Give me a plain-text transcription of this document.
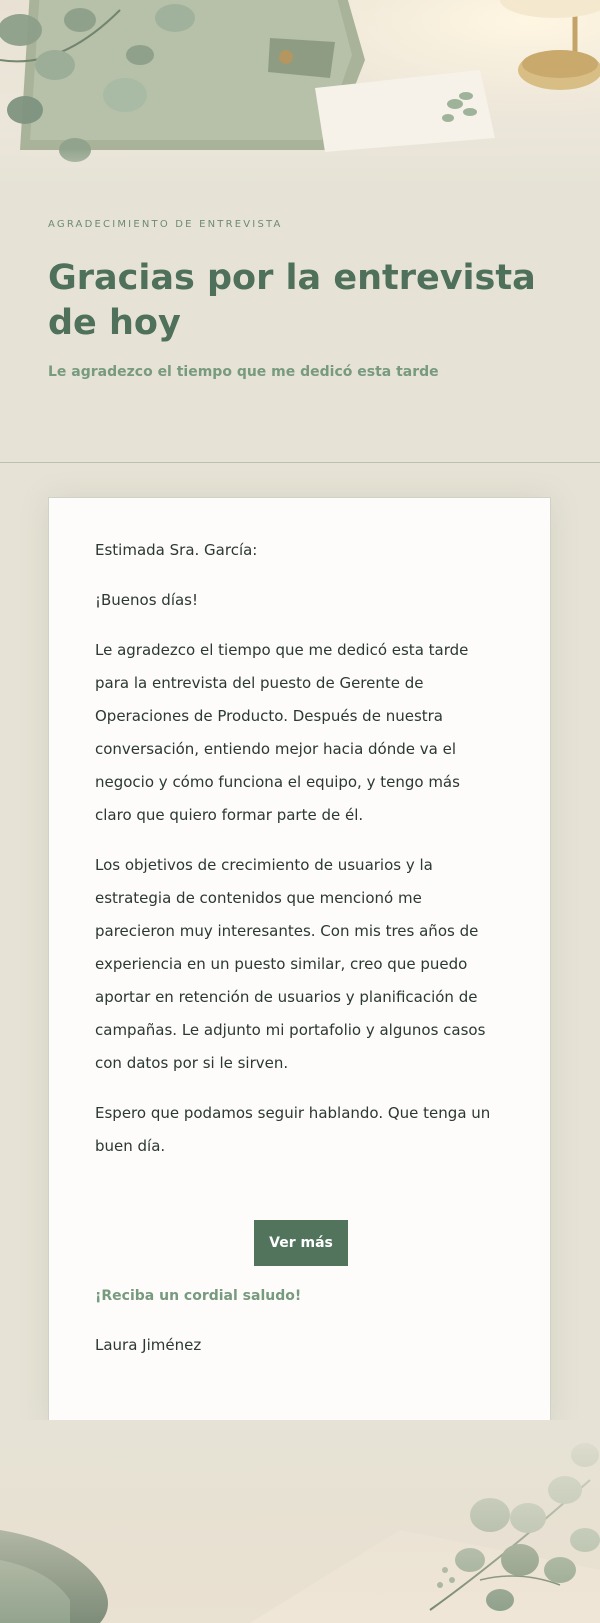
AGRADECIMIENTO DE ENTREVISTA
Gracias por la entrevista de hoy
Le agradezco el tiempo que me dedicó esta tarde

Estimada Sra. García:

¡Buenos días!

Le agradezco el tiempo que me dedicó esta tarde para la entrevista del puesto de Gerente de Operaciones de Producto. Después de nuestra conversación, entiendo mejor hacia dónde va el negocio y cómo funciona el equipo, y tengo más claro que quiero formar parte de él.

Los objetivos de crecimiento de usuarios y la estrategia de contenidos que mencionó me parecieron muy interesantes. Con mis tres años de experiencia en un puesto similar, creo que puedo aportar en retención de usuarios y planificación de campañas. Le adjunto mi portafolio y algunos casos con datos por si le sirven.

Espero que podamos seguir hablando. Que tenga un buen día.

Ver más
¡Reciba un cordial saludo!
Laura Jiménez
